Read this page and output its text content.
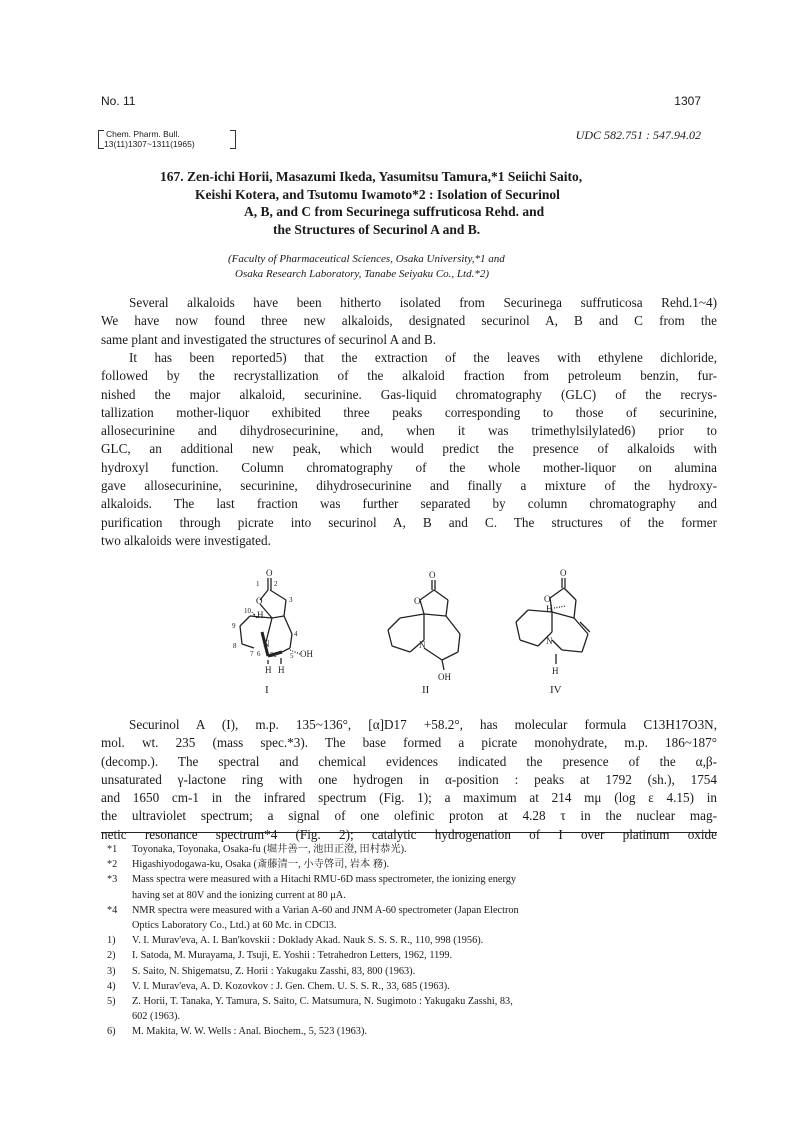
No. 11	1307
Chem. Pharm. Bull.
13(11)1307~1311(1965)
UDC 582.751 : 547.94.02
167. Zen-ichi Horii, Masazumi Ikeda, Yasumitsu Tamura,*1 Seiichi Saito,
Keishi Kotera, and Tsutomu Iwamoto*2 : Isolation of Securinol
A, B, and C from Securinega suffruticosa Rehd. and
the Structures of Securinol A and B.
(Faculty of Pharmaceutical Sciences, Osaka University,*1 and
Osaka Research Laboratory, Tanabe Seiyaku Co., Ltd.*2)
Several alkaloids have been hitherto isolated from Securinega suffruticosa Rehd.1~4)
We have now found three new alkaloids, designated securinol A, B and C from the
same plant and investigated the structures of securinol A and B.
It has been reported5) that the extraction of the leaves with ethylene dichloride,
followed by the recrystallization of the alkaloid fraction from petroleum benzin, fur-
nished the major alkaloid, securinine. Gas-liquid chromatography (GLC) of the recrys-
tallization mother-liquor exhibited three peaks corresponding to those of securinine,
allosecurinine and dihydrosecurinine, and, when it was trimethylsilylated6) prior to
GLC, an additional new peak, which would predict the presence of alkaloids with
hydroxyl function. Column chromatography of the whole mother-liquor on alumina
gave allosecurinine, securinine, dihydrosecurinine and finally a mixture of the hydroxy-
alkaloids. The last fraction was further separated by column chromatography and
purification through picrate into securinol A, B and C. The structures of the former
two alkaloids were investigated.
O
O
N
OH
H H
H
1 2
3
4
5
6
7
8
9
10
5a
I
O
O
N
OH
II
O
O
H
N
H
IV
Securinol A (I), m.p. 135~136°, [α]D17 +58.2°, has molecular formula C13H17O3N,
mol. wt. 235 (mass spec.*3). The base formed a picrate monohydrate, m.p. 186~187°
(decomp.). The spectral and chemical evidences indicated the presence of the α,β-
unsaturated γ-lactone ring with one hydrogen in α-position : peaks at 1792 (sh.), 1754
and 1650 cm-1 in the infrared spectrum (Fig. 1); a maximum at 214 mμ (log ε 4.15) in
the ultraviolet spectrum; a signal of one olefinic proton at 4.28 τ in the nuclear mag-
netic resonance spectrum*4 (Fig. 2); catalytic hydrogenation of I over platinum oxide
*1 Toyonaka, Toyonaka, Osaka-fu (堀井善一, 池田正澄, 田村恭光).
*2 Higashiyodogawa-ku, Osaka (斎藤清一, 小寺啓司, 岩本 務).
*3 Mass spectra were measured with a Hitachi RMU-6D mass spectrometer, the ionizing energy
having set at 80V and the ionizing current at 80 μA.
*4 NMR spectra were measured with a Varian A-60 and JNM A-60 spectrometer (Japan Electron
Optics Laboratory Co., Ltd.) at 60 Mc. in CDCl3.
1) V. I. Murav'eva, A. I. Ban'kovskii : Doklady Akad. Nauk S. S. S. R., 110, 998 (1956).
2) I. Satoda, M. Murayama, J. Tsuji, E. Yoshii : Tetrahedron Letters, 1962, 1199.
3) S. Saito, N. Shigematsu, Z. Horii : Yakugaku Zasshi, 83, 800 (1963).
4) V. I. Murav'eva, A. D. Kozovkov : J. Gen. Chem. U. S. S. R., 33, 685 (1963).
5) Z. Horii, T. Tanaka, Y. Tamura, S. Saito, C. Matsumura, N. Sugimoto : Yakugaku Zasshi, 83,
602 (1963).
6) M. Makita, W. W. Wells : Anal. Biochem., 5, 523 (1963).
